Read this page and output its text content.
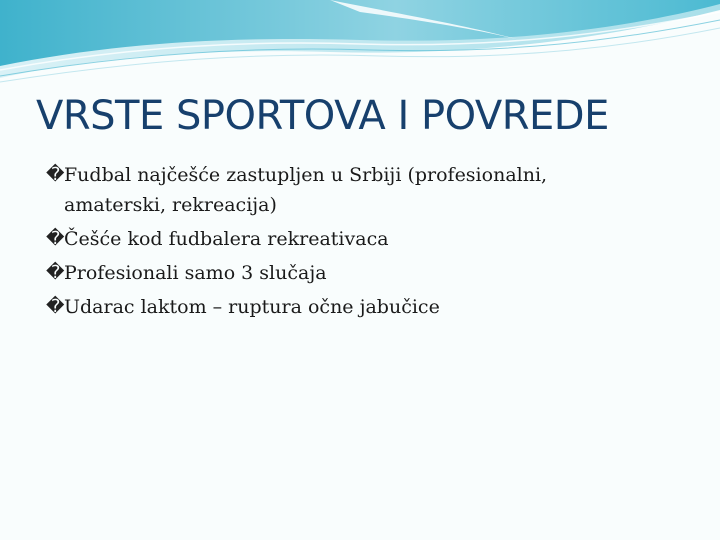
VRSTE SPORTOVA I POVREDE
� Fudbal najčešće zastupljen u Srbiji (profesionalni,
amaterski, rekreacija)
� Češće kod fudbalera rekreativaca
� Profesionali samo 3 slučaja
� Udarac laktom – ruptura očne jabučice
